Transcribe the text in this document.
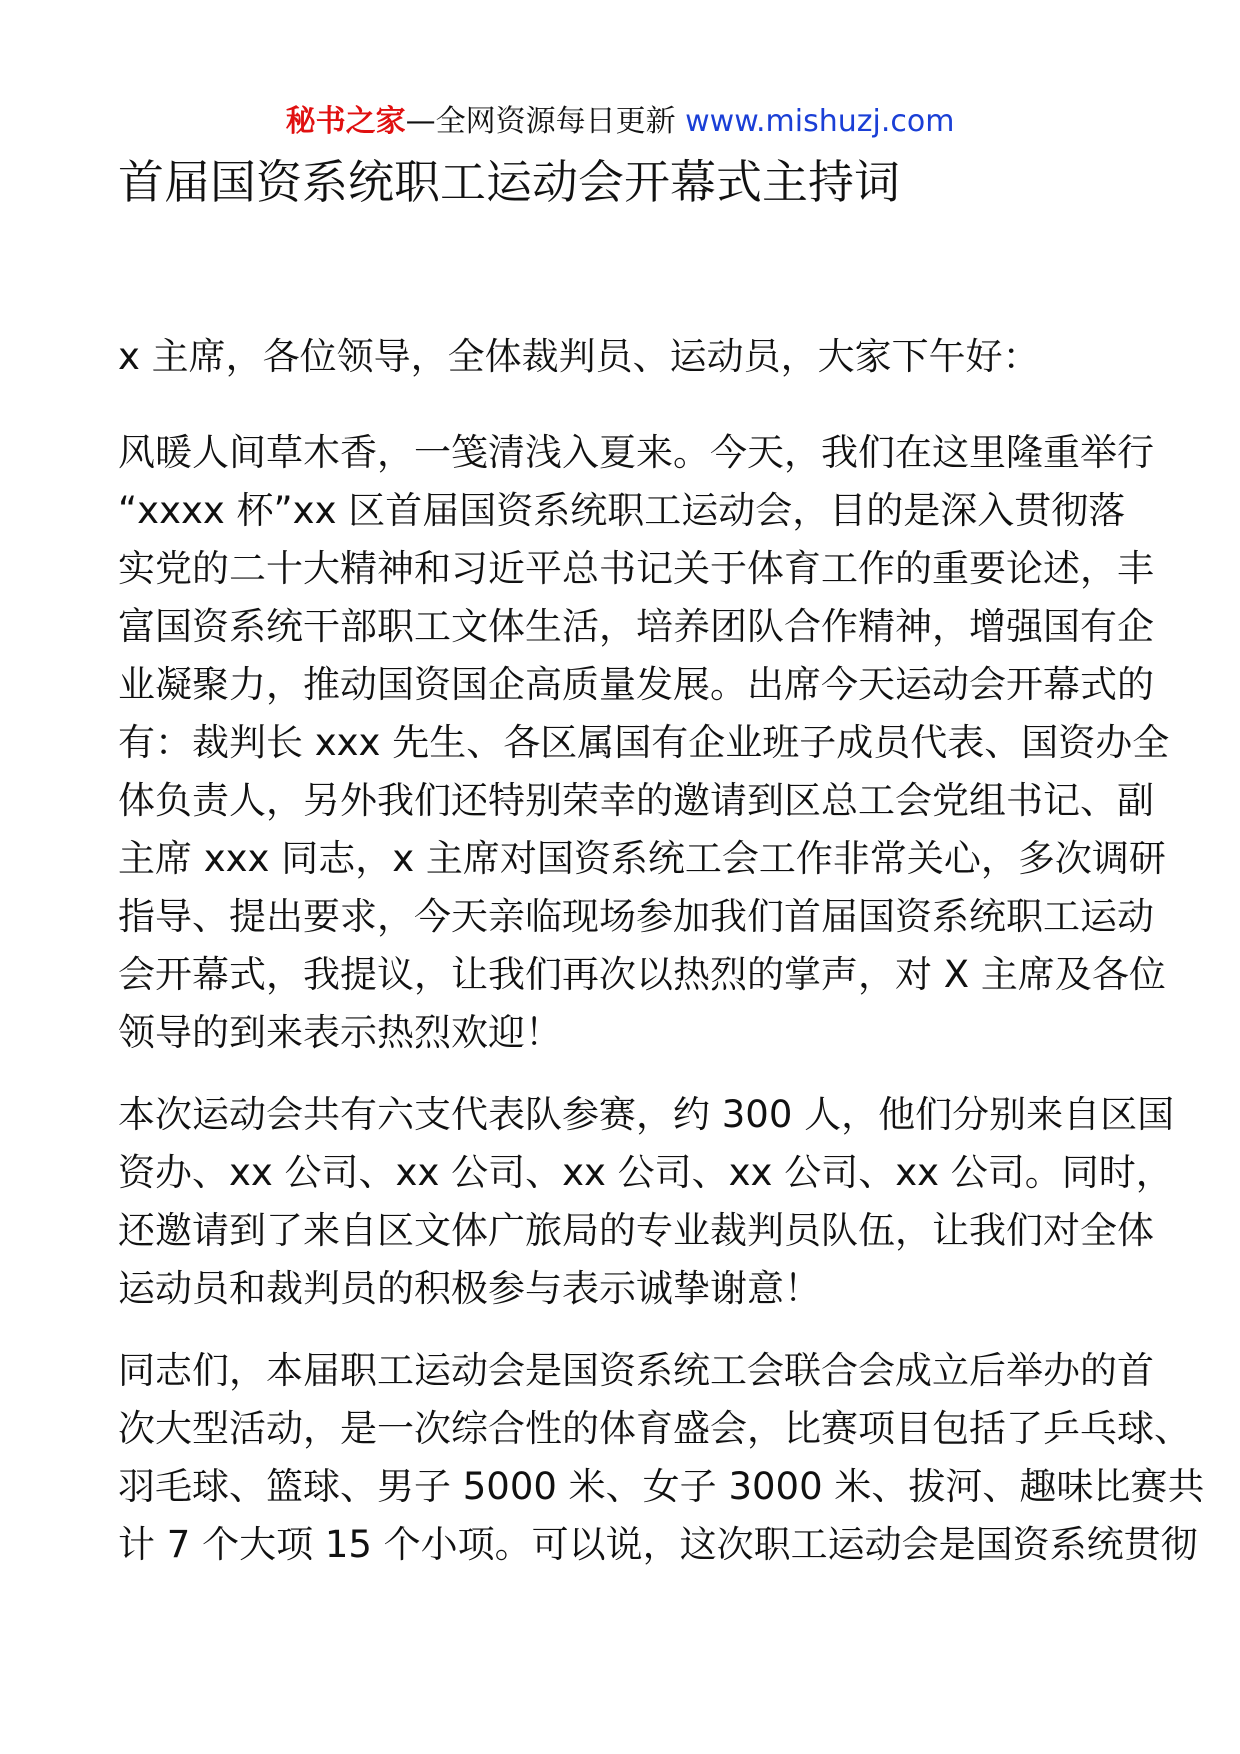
秘书之家—全网资源每日更新 www.mishuzj.com
首届国资系统职工运动会开幕式主持词

x 主席，各位领导，全体裁判员、运动员，大家下午好：

风暖人间草木香，一笺清浅入夏来。今天，我们在这里隆重举行
“xxxx 杯”xx 区首届国资系统职工运动会，目的是深入贯彻落
实党的二十大精神和习近平总书记关于体育工作的重要论述，丰
富国资系统干部职工文体生活，培养团队合作精神，增强国有企
业凝聚力，推动国资国企高质量发展。出席今天运动会开幕式的
有：裁判长 xxx 先生、各区属国有企业班子成员代表、国资办全
体负责人，另外我们还特别荣幸的邀请到区总工会党组书记、副
主席 xxx 同志，x 主席对国资系统工会工作非常关心，多次调研
指导、提出要求，今天亲临现场参加我们首届国资系统职工运动
会开幕式，我提议，让我们再次以热烈的掌声，对 X 主席及各位
领导的到来表示热烈欢迎！

本次运动会共有六支代表队参赛，约 300 人，他们分别来自区国
资办、xx 公司、xx 公司、xx 公司、xx 公司、xx 公司。同时，
还邀请到了来自区文体广旅局的专业裁判员队伍，让我们对全体
运动员和裁判员的积极参与表示诚挚谢意！

同志们，本届职工运动会是国资系统工会联合会成立后举办的首
次大型活动，是一次综合性的体育盛会，比赛项目包括了乒乓球、
羽毛球、篮球、男子 5000 米、女子 3000 米、拔河、趣味比赛共
计 7 个大项 15 个小项。可以说，这次职工运动会是国资系统贯彻
